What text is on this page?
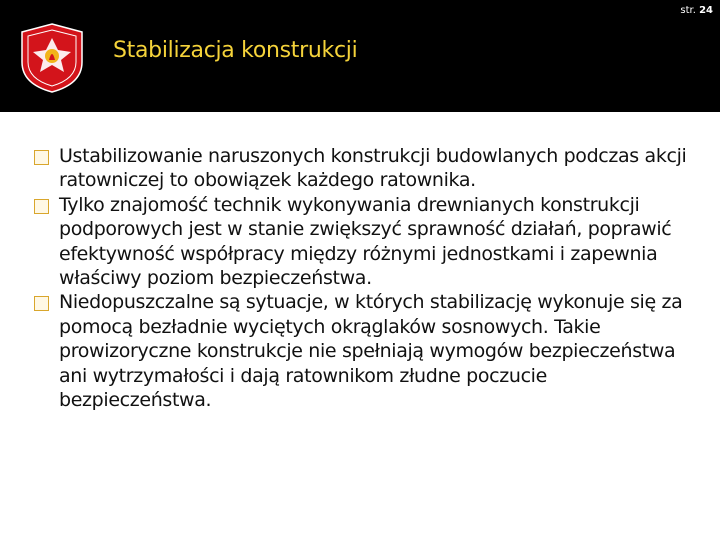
str. 24
Stabilizacja konstrukcji
Ustabilizowanie naruszonych konstrukcji budowlanych podczas akcji ratowniczej to obowiązek każdego ratownika.
Tylko znajomość technik wykonywania drewnianych konstrukcji podporowych jest w stanie zwiększyć sprawność działań, poprawić efektywność współpracy między różnymi jednostkami i zapewnia właściwy poziom bezpieczeństwa.
Niedopuszczalne są sytuacje, w których stabilizację wykonuje się za pomocą bezładnie wyciętych okrąglaków sosnowych. Takie prowizoryczne konstrukcje nie spełniają wymogów bezpieczeństwa ani wytrzymałości i dają ratownikom złudne poczucie bezpieczeństwa.
